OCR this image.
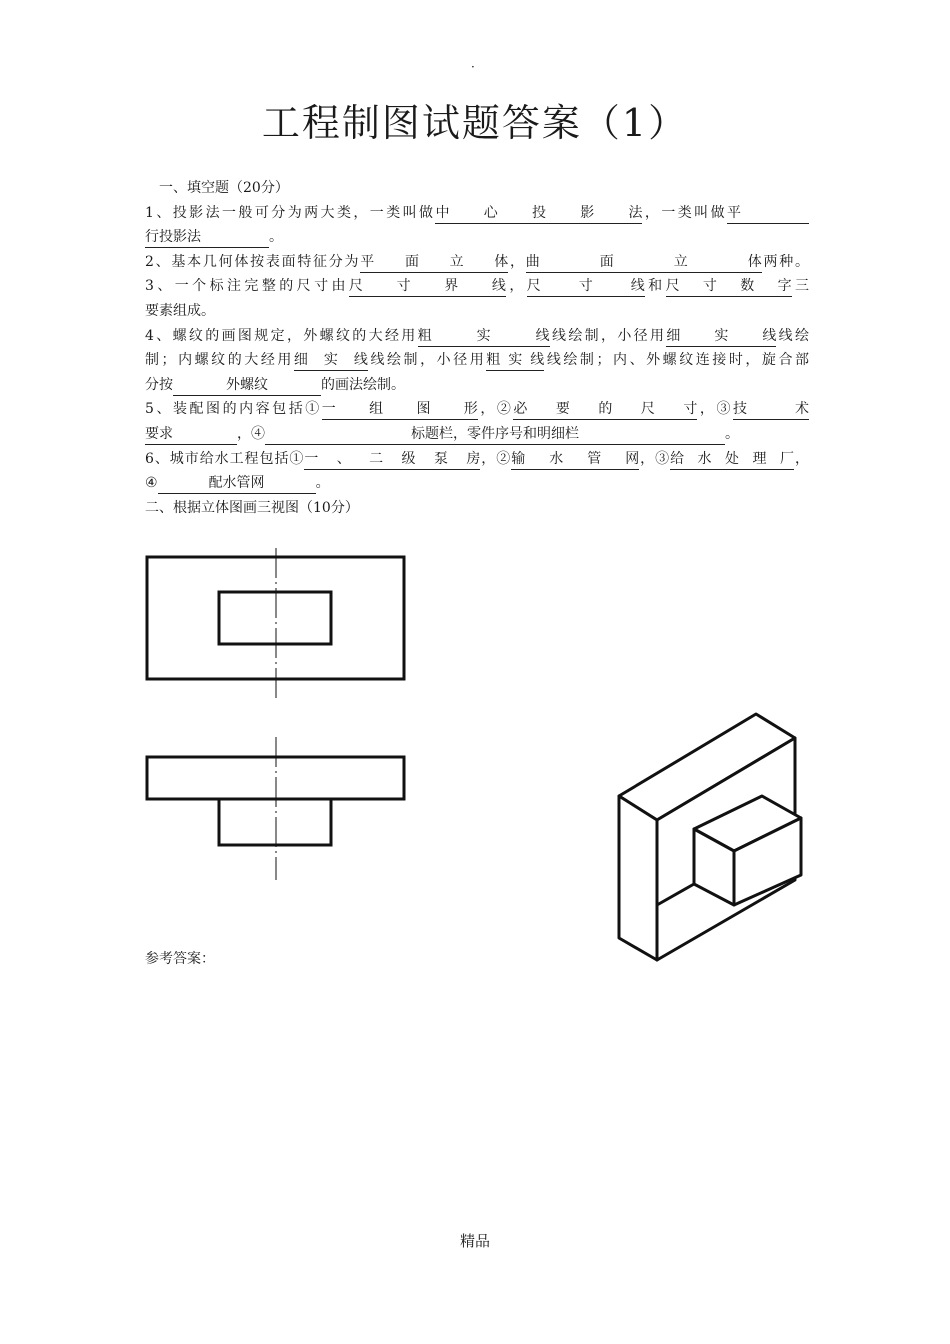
·
工程制图试题答案（1）
一、填空题（20分）
1、投影法一般可分为两大类，一类叫做中心投影法，一类叫做平
行投影法	。
2、基本几何体按表面特征分为平面立体，曲面立体两种。
3、一个标注完整的尺寸由尺寸界线，尺寸线和尺寸数字三
要素组成。
4、螺纹的画图规定，外螺纹的大经用粗实线线绘制，小径用细实线线绘
制；内螺纹的大经用细实线线绘制，小径用粗实线线绘制；内、外螺纹连接时，旋合部
分按	外螺纹	的画法绘制。
5、装配图的内容包括①一组图形，②必要的尺寸，③技术
要求	，④	标题栏，零件序号和明细栏	。
6、城市给水工程包括①一、二级泵房，②输水管网，③给水处理厂，
④	配水管网	。
二、根据立体图画三视图（10分）
参考答案：
精品
